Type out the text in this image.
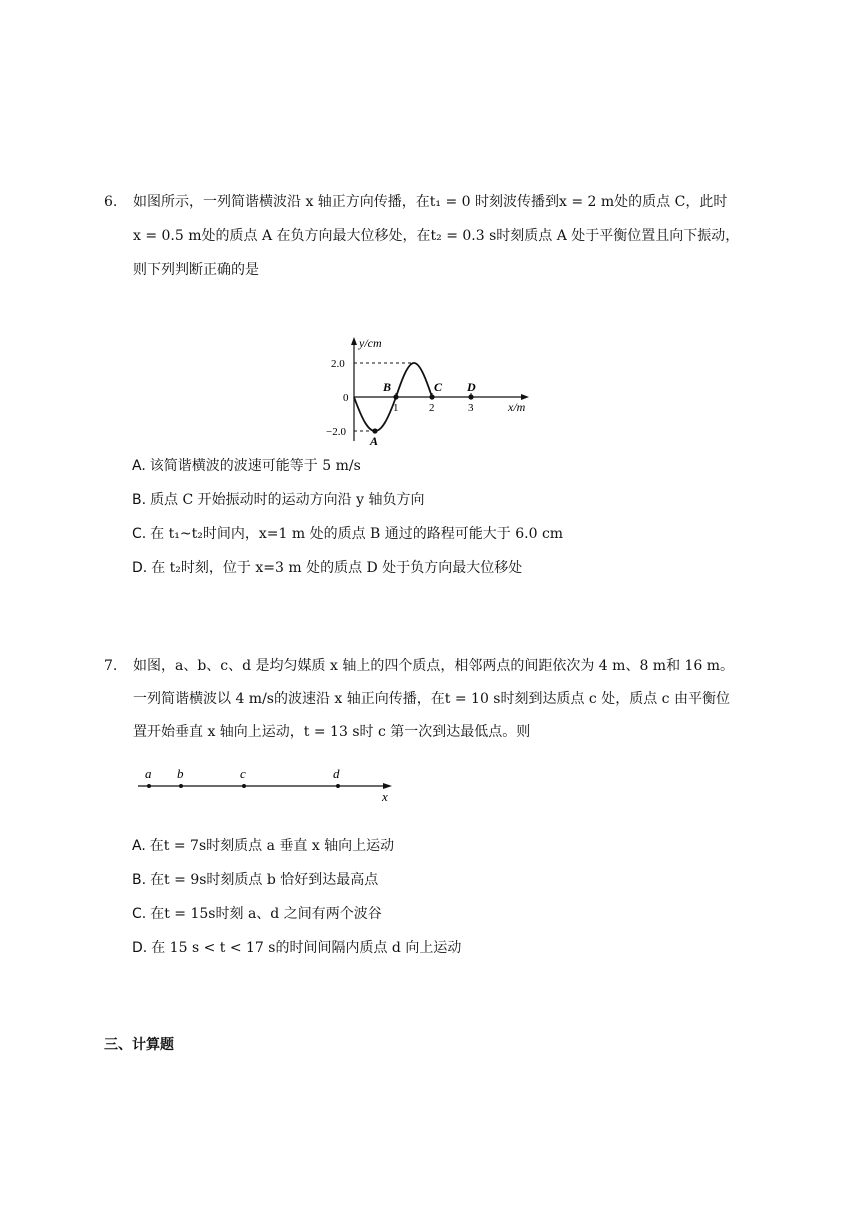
6. 如图所示，一列简谐横波沿 x 轴正方向传播，在t₁ = 0 时刻波传播到x = 2 m处的质点 C，此时
x = 0.5 m处的质点 A 在负方向最大位移处，在t₂ = 0.3 s时刻质点 A 处于平衡位置且向下振动，
则下列判断正确的是
y/cm
2.0
0
−2.0
A
B	C D
1	2	3	x/m
A. 该简谐横波的波速可能等于 5 m/s
B. 质点 C 开始振动时的运动方向沿 y 轴负方向
C. 在 t₁~t₂时间内，x=1 m 处的质点 B 通过的路程可能大于 6.0 cm
D. 在 t₂时刻，位于 x=3 m 处的质点 D 处于负方向最大位移处
7. 如图，a、b、c、d 是均匀媒质 x 轴上的四个质点，相邻两点的间距依次为 4 m、8 m和 16 m。
一列简谐横波以 4 m/s的波速沿 x 轴正向传播，在t = 10 s时刻到达质点 c 处，质点 c 由平衡位
置开始垂直 x 轴向上运动，t = 13 s时 c 第一次到达最低点。则
a b	c	d
x
A. 在t = 7s时刻质点 a 垂直 x 轴向上运动
B. 在t = 9s时刻质点 b 恰好到达最高点
C. 在t = 15s时刻 a、d 之间有两个波谷
D. 在 15 s < t < 17 s的时间间隔内质点 d 向上运动
三、计算题
